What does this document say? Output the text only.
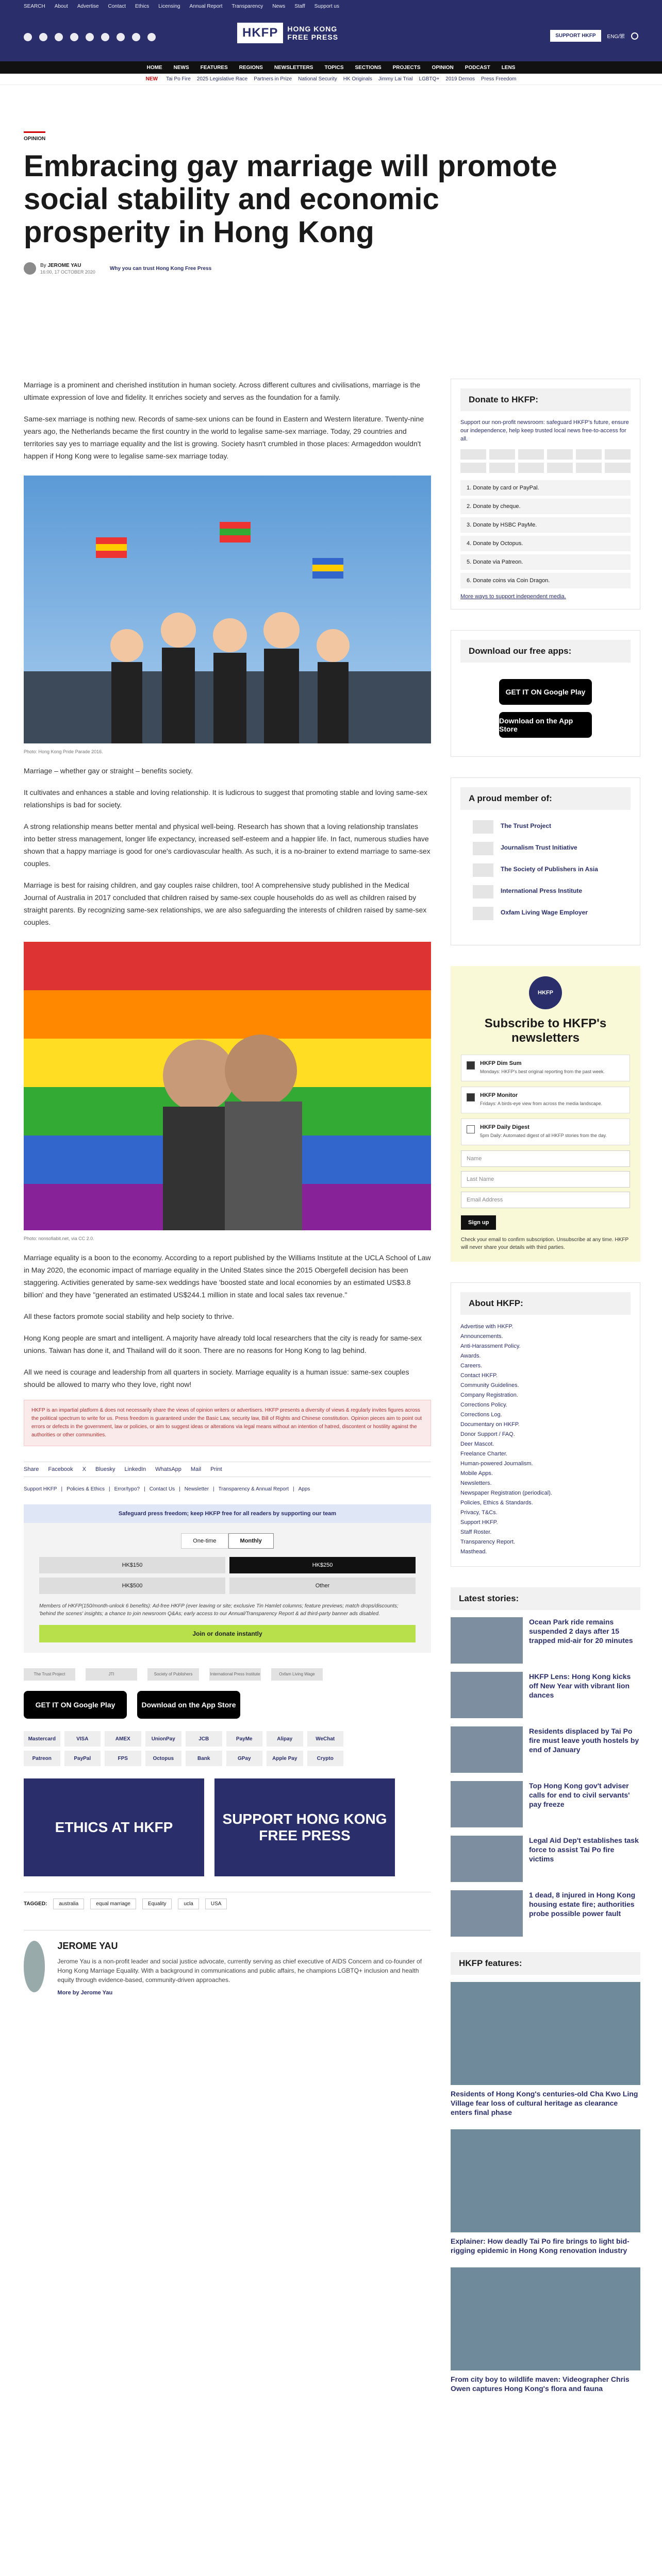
SEARCH About Advertise Contact Ethics Licensing Annual Report Transparency News Staff Support us
HKFP	HONG KONG
FREE PRESS	SUPPORT HKFP	ENG/繁
HOME NEWS FEATURES REGIONS NEWSLETTERS TOPICS SECTIONS PROJECTS OPINION PODCAST LENS
NEW Tai Po Fire 2025 Legislative Race Partners in Prize National Security HK Originals Jimmy Lai Trial LGBTQ+ 2019 Demos Press Freedom
OPINION
Embracing gay marriage will promote social stability and economic prosperity in Hong Kong
By JEROME YAU
16:00, 17 OCTOBER 2020
Why you can trust Hong Kong Free Press

Marriage is a prominent and cherished institution in human society. Across different cultures and civilisations, marriage is the ultimate expression of love and fidelity. It enriches society and serves as the foundation for a family.

Same-sex marriage is nothing new. Records of same-sex unions can be found in Eastern and Western literature. Twenty-nine years ago, the Netherlands became the first country in the world to legalise same-sex marriage. Today, 29 countries and territories say yes to marriage equality and the list is growing. Society hasn't crumbled in those places: Armageddon wouldn't happen if Hong Kong were to legalise same-sex marriage today.

Photo: Hong Kong Pride Parade 2016.

Marriage – whether gay or straight – benefits society.

It cultivates and enhances a stable and loving relationship. It is ludicrous to suggest that promoting stable and loving same-sex relationships is bad for society.

A strong relationship means better mental and physical well-being. Research has shown that a loving relationship translates into better stress management, longer life expectancy, increased self-esteem and a happier life. In fact, numerous studies have shown that a happy marriage is good for one's cardiovascular health. As such, it is a no-brainer to extend marriage to same-sex couples.

Marriage is best for raising children, and gay couples raise children, too! A comprehensive study published in the Medical Journal of Australia in 2017 concluded that children raised by same-sex couple households do as well as children raised by straight parents. By recognizing same-sex relationships, we are also safeguarding the interests of children raised by same-sex couples.

Photo: nonsofiabit.net, via CC 2.0.

Marriage equality is a boon to the economy. According to a report published by the Williams Institute at the UCLA School of Law in May 2020, the economic impact of marriage equality in the United States since the 2015 Obergefell decision has been staggering. Activities generated by same-sex weddings have 'boosted state and local economies by an estimated US$3.8 billion' and they have "generated an estimated US$244.1 million in state and local sales tax revenue."

All these factors promote social stability and help society to thrive.

Hong Kong people are smart and intelligent. A majority have already told local researchers that the city is ready for same-sex unions. Taiwan has done it, and Thailand will do it soon. There are no reasons for Hong Kong to lag behind.

All we need is courage and leadership from all quarters in society. Marriage equality is a human issue: same-sex couples should be allowed to marry who they love, right now!

HKFP is an impartial platform & does not necessarily share the views of opinion writers or advertisers. HKFP presents a diversity of views & regularly invites figures across the political spectrum to write for us. Press freedom is guaranteed under the Basic Law, security law, Bill of Rights and Chinese constitution. Opinion pieces aim to point out errors or defects in the government, law or policies, or aim to suggest ideas or alterations via legal means without an intention of hatred, discontent or hostility against the authorities or other communities.
Share Facebook X Bluesky LinkedIn WhatsApp Mail Print
Support HKFP | Policies & Ethics | Error/typo? | Contact Us | Newsletter | Transparency & Annual Report | Apps
Safeguard press freedom; keep HKFP free for all readers by supporting our team
One-time	Monthly
HK$150	HK$250
HK$500	Other
Members of HKFP(150/month-unlock 6 benefits): Ad-free HKFP (ever leaving or site; exclusive Tin Hamlet columns; feature previews; match drops/discounts; 'behind the scenes' insights; a chance to join newsroom Q&As; early access to our Annual/Transparency Report & ad third-party banner ads disabled.
Join or donate instantly
The Trust Project	JTI	Society of Publishers	International Press Institute	Oxfam Living Wage
GET IT ON Google Play	Download on the App Store
Mastercard	VISA	AMEX	UnionPay	JCB	PayMe	Alipay	WeChat
Patreon	PayPal	FPS	Octopus	Bank	GPay	Apple Pay	Crypto
ETHICS AT HKFP
SUPPORT HONG KONG FREE PRESS
TAGGED:	australia	equal marriage	Equality	ucla	USA
JEROME YAU

Jerome Yau is a non-profit leader and social justice advocate, currently serving as chief executive of AIDS Concern and co-founder of Hong Kong Marriage Equality. With a background in communications and public affairs, he champions LGBTQ+ inclusion and health equity through evidence-based, community-driven approaches.

More by Jerome Yau
Donate to HKFP:

Support our non-profit newsroom: safeguard HKFP's future, ensure our independence, help keep trusted local news free-to-access for all.

1. Donate by card or PayPal.
2. Donate by cheque.
3. Donate by HSBC PayMe.
4. Donate by Octopus.
5. Donate via Patreon.
6. Donate coins via Coin Dragon.
More ways to support independent media.
Download our free apps:
GET IT ON Google Play
Download on the App Store
A proud member of:
The Trust Project
Journalism Trust Initiative
The Society of Publishers in Asia
International Press Institute
Oxfam Living Wage Employer
HKFP
Subscribe to HKFP's newsletters
HKFP Dim Sum
Mondays: HKFP's best original reporting from the past week.
HKFP Monitor
Fridays: A birds-eye view from across the media landscape.
HKFP Daily Digest
5pm Daily: Automated digest of all HKFP stories from the day.
Name
Last Name
Email Address
Sign up
Check your email to confirm subscription. Unsubscribe at any time. HKFP will never share your details with third parties.
About HKFP:
Advertise with HKFP.
Announcements.
Anti-Harassment Policy.
Awards.
Careers.
Contact HKFP.
Community Guidelines.
Company Registration.
Corrections Policy.
Corrections Log.
Documentary on HKFP.
Donor Support / FAQ.
Deer Mascot.
Freelance Charter.
Human-powered Journalism.
Mobile Apps.
Newsletters.
Newspaper Registration (periodical).
Policies, Ethics & Standards.
Privacy, T&Cs.
Support HKFP.
Staff Roster.
Transparency Report.
Masthead.
Latest stories:
Ocean Park ride remains suspended 2 days after 15 trapped mid-air for 20 minutes
HKFP Lens: Hong Kong kicks off New Year with vibrant lion dances
Residents displaced by Tai Po fire must leave youth hostels by end of January
Top Hong Kong gov't adviser calls for end to civil servants' pay freeze
Legal Aid Dep't establishes task force to assist Tai Po fire victims
1 dead, 8 injured in Hong Kong housing estate fire; authorities probe possible power fault
HKFP features:
Residents of Hong Kong's centuries-old Cha Kwo Ling Village fear loss of cultural heritage as clearance enters final phase
Explainer: How deadly Tai Po fire brings to light bid-rigging epidemic in Hong Kong renovation industry
From city boy to wildlife maven: Videographer Chris Owen captures Hong Kong's flora and fauna
